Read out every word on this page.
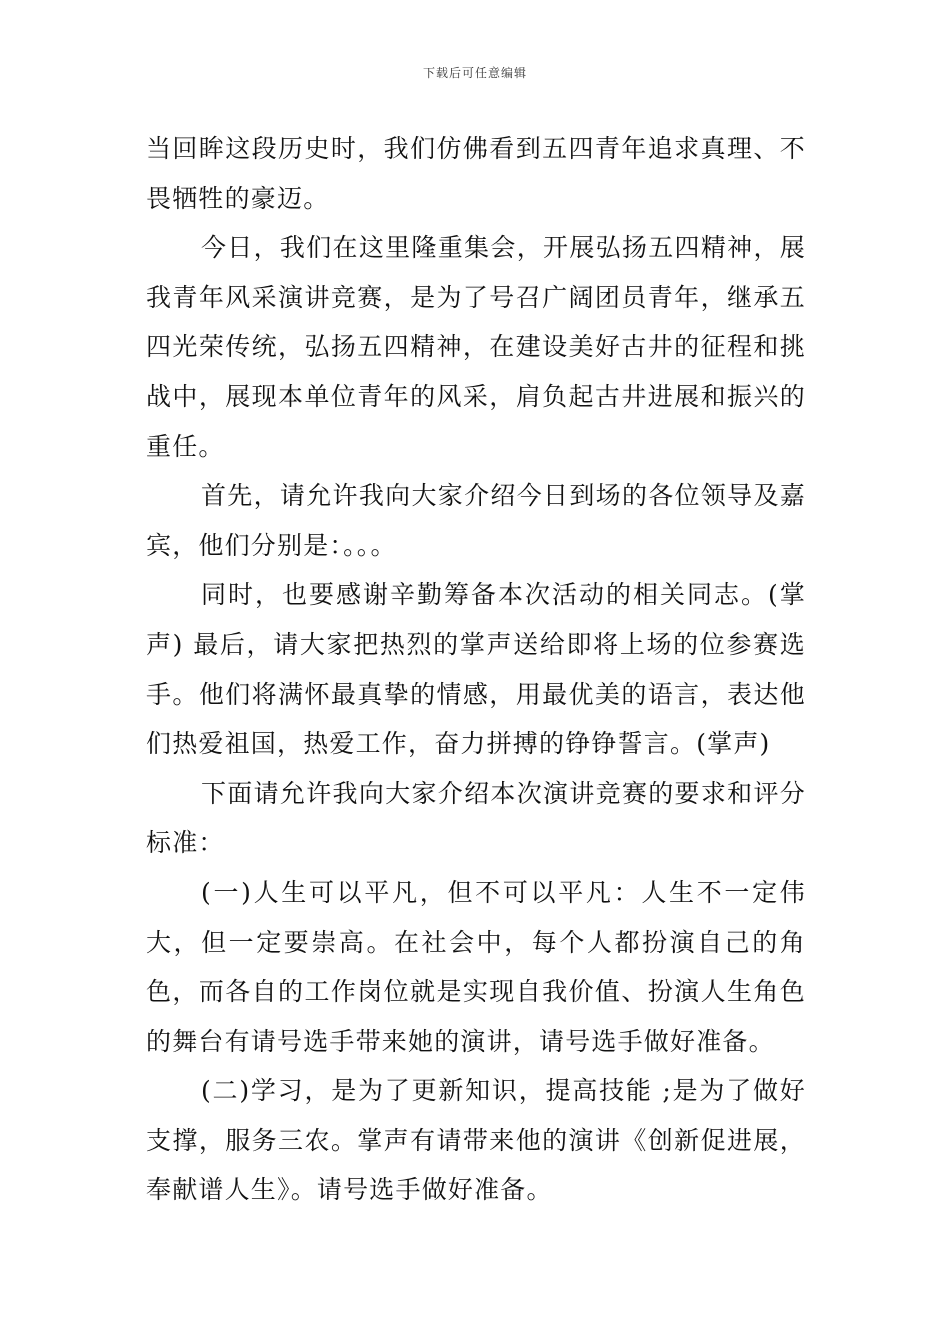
下载后可任意编辑

当回眸这段历史时，我们仿佛看到五四青年追求真理、不畏牺牲的豪迈。

今日，我们在这里隆重集会，开展弘扬五四精神，展我青年风采演讲竞赛，是为了号召广阔团员青年，继承五四光荣传统，弘扬五四精神，在建设美好古井的征程和挑战中，展现本单位青年的风采，肩负起古井进展和振兴的重任。

首先，请允许我向大家介绍今日到场的各位领导及嘉宾，他们分别是：。。。

同时，也要感谢辛勤筹备本次活动的相关同志。(掌声) 最后，请大家把热烈的掌声送给即将上场的位参赛选手。他们将满怀最真挚的情感，用最优美的语言，表达他们热爱祖国，热爱工作，奋力拼搏的铮铮誓言。(掌声)

下面请允许我向大家介绍本次演讲竞赛的要求和评分标准：

(一)人生可以平凡，但不可以平凡：人生不一定伟大，但一定要崇高。在社会中，每个人都扮演自己的角色，而各自的工作岗位就是实现自我价值、扮演人生角色的舞台有请号选手带来她的演讲，请号选手做好准备。

(二)学习，是为了更新知识，提高技能 ;是为了做好支撑，服务三农。掌声有请带来他的演讲《创新促进展，奉献谱人生》。请号选手做好准备。
